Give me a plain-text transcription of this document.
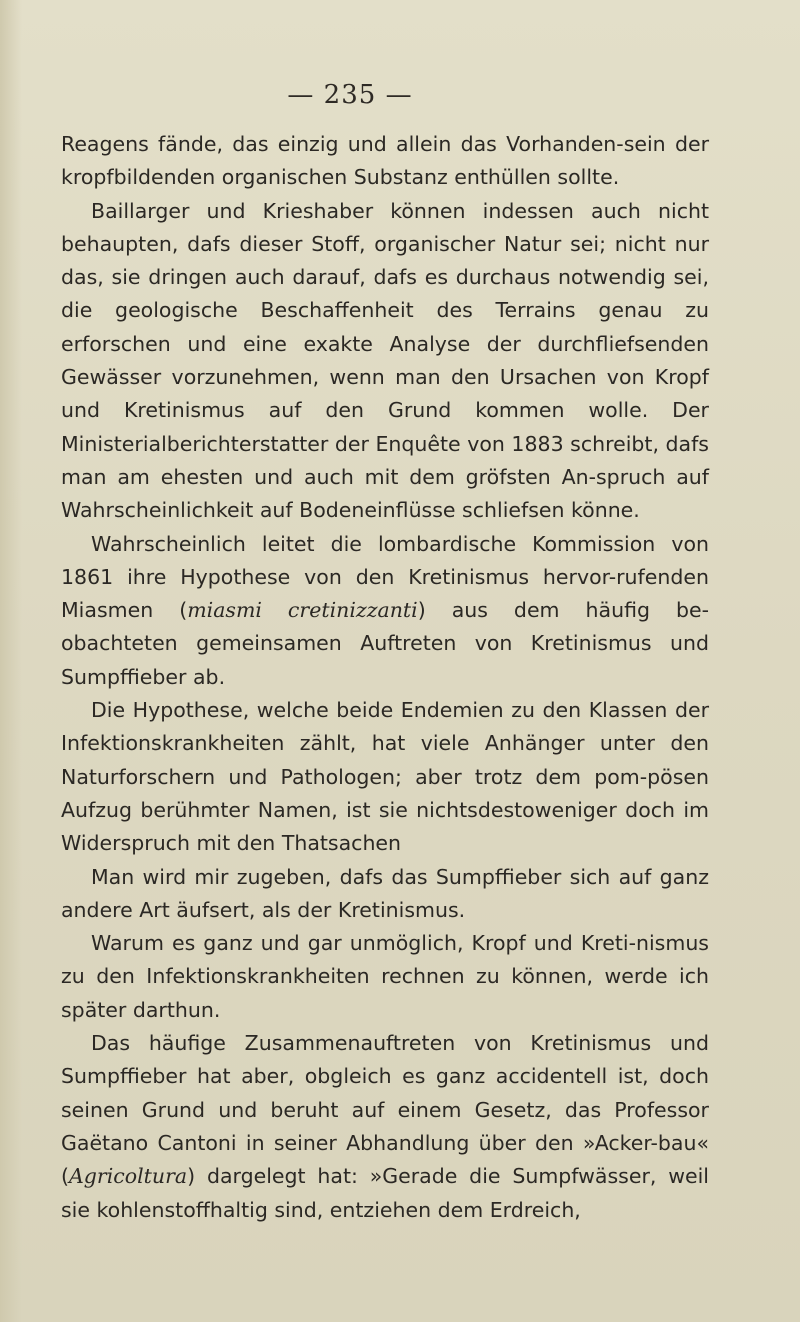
— 235 —

Reagens fände, das einzig und allein das Vorhanden-sein der kropfbildenden organischen Substanz enthüllen sollte.

Baillarger und Krieshaber können indessen auch nicht behaupten, dafs dieser Stoff, organischer Natur sei; nicht nur das, sie dringen auch darauf, dafs es durchaus notwendig sei, die geologische Beschaffenheit des Terrains genau zu erforschen und eine exakte Analyse der durchfliefsenden Gewässer vorzunehmen, wenn man den Ursachen von Kropf und Kretinismus auf den Grund kommen wolle. Der Ministerialberichterstatter der Enquête von 1883 schreibt, dafs man am ehesten und auch mit dem gröfsten An-spruch auf Wahrscheinlichkeit auf Bodeneinflüsse schliefsen könne.

Wahrscheinlich leitet die lombardische Kommission von 1861 ihre Hypothese von den Kretinismus hervor-rufenden Miasmen (miasmi cretinizzanti) aus dem häufig be-obachteten gemeinsamen Auftreten von Kretinismus und Sumpffieber ab.

Die Hypothese, welche beide Endemien zu den Klassen der Infektionskrankheiten zählt, hat viele Anhänger unter den Naturforschern und Pathologen; aber trotz dem pom-pösen Aufzug berühmter Namen, ist sie nichtsdestoweniger doch im Widerspruch mit den Thatsachen

Man wird mir zugeben, dafs das Sumpffieber sich auf ganz andere Art äufsert, als der Kretinismus.

Warum es ganz und gar unmöglich, Kropf und Kreti-nismus zu den Infektionskrankheiten rechnen zu können, werde ich später darthun.

Das häufige Zusammenauftreten von Kretinismus und Sumpffieber hat aber, obgleich es ganz accidentell ist, doch seinen Grund und beruht auf einem Gesetz, das Professor Gaëtano Cantoni in seiner Abhandlung über den »Acker-bau« (Agricoltura) dargelegt hat: »Gerade die Sumpfwässer, weil sie kohlenstoffhaltig sind, entziehen dem Erdreich,
